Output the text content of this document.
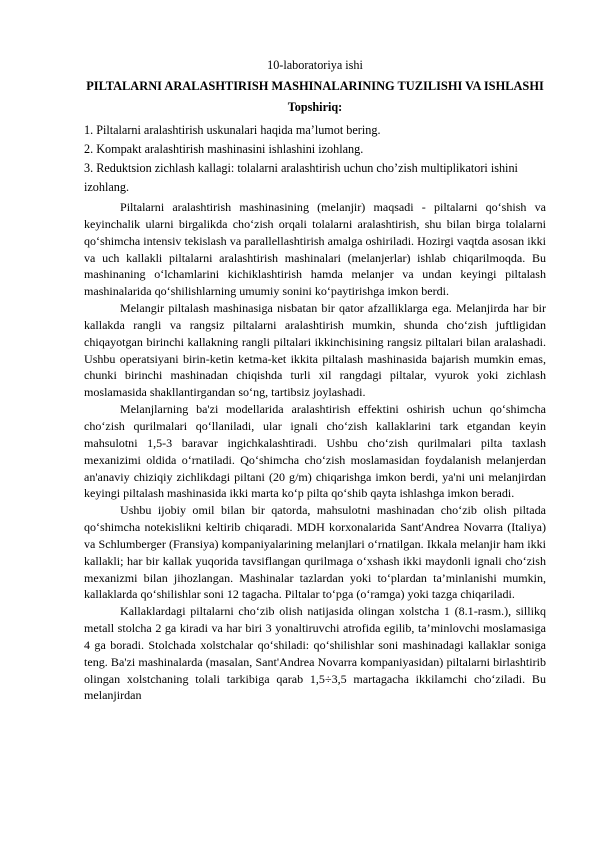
10-laboratoriya ishi
PILTALARNI ARALASHTIRISH MASHINALARINING TUZILISHI VA ISHLASHI
Topshiriq:
1. Piltalarni aralashtirish uskunalari haqida ma’lumot bering.
2. Kompakt aralashtirish mashinasini ishlashini izohlang.
3. Reduktsion zichlash kallagi: tolalarni aralashtirish uchun cho’zish multiplikatori ishini izohlang.

Piltalarni aralashtirish mashinasining (melanjir) maqsadi - piltalarni qo‘shish va keyinchalik ularni birgalikda cho‘zish orqali tolalarni aralashtirish, shu bilan birga tolalarni qo‘shimcha intensiv tekislash va parallellashtirish amalga oshiriladi. Hozirgi vaqtda asosan ikki va uch kallakli piltalarni aralashtirish mashinalari (melanjerlar) ishlab chiqarilmoqda. Bu mashinaning o‘lchamlarini kichiklashtirish hamda melanjer va undan keyingi piltalash mashinalarida qo‘shilishlarning umumiy sonini ko‘paytirishga imkon berdi.

Melangir piltalash mashinasiga nisbatan bir qator afzalliklarga ega. Melanjirda har bir kallakda rangli va rangsiz piltalarni aralashtirish mumkin, shunda cho‘zish juftligidan chiqayotgan birinchi kallakning rangli piltalari ikkinchisining rangsiz piltalari bilan aralashadi. Ushbu operatsiyani birin-ketin ketma-ket ikkita piltalash mashinasida bajarish mumkin emas, chunki birinchi mashinadan chiqishda turli xil rangdagi piltalar, vyurok yoki zichlash moslamasida shakllantirgandan so‘ng, tartibsiz joylashadi.

Melanjlarning ba'zi modellarida aralashtirish effektini oshirish uchun qo‘shimcha cho‘zish qurilmalari qo‘llaniladi, ular ignali cho‘zish kallaklarini tark etgandan keyin mahsulotni 1,5-3 baravar ingichkalashtiradi. Ushbu cho‘zish qurilmalari pilta taxlash mexanizimi oldida o‘rnatiladi. Qo‘shimcha cho‘zish moslamasidan foydalanish melanjerdan an'anaviy chiziqiy zichlikdagi piltani (20 g/m) chiqarishga imkon berdi, ya'ni uni melanjirdan keyingi piltalash mashinasida ikki marta ko‘p pilta qo‘shib qayta ishlashga imkon beradi.

Ushbu ijobiy omil bilan bir qatorda, mahsulotni mashinadan cho‘zib olish piltada qo‘shimcha notekislikni keltirib chiqaradi. MDH korxonalarida Sant'Andrea Novarra (Italiya) va Schlumberger (Fransiya) kompaniyalarining melanjlari o‘rnatilgan. Ikkala melanjir ham ikki kallakli; har bir kallak yuqorida tavsiflangan qurilmaga o‘xshash ikki maydonli ignali cho‘zish mexanizmi bilan jihozlangan. Mashinalar tazlardan yoki to‘plardan ta’minlanishi mumkin, kallaklarda qo‘shilishlar soni 12 tagacha. Piltalar to‘pga (o‘ramga) yoki tazga chiqariladi.

Kallaklardagi piltalarni cho‘zib olish natijasida olingan xolstcha 1 (8.1-rasm.), sillikq metall stolcha 2 ga kiradi va har biri 3 yonaltiruvchi atrofida egilib, ta’minlovchi moslamasiga 4 ga boradi. Stolchada xolstchalar qo‘shiladi: qo‘shilishlar soni mashinadagi kallaklar soniga teng. Ba'zi mashinalarda (masalan, Sant'Andrea Novarra kompaniyasidan) piltalarni birlashtirib olingan xolstchaning tolali tarkibiga qarab 1,5÷3,5 martagacha ikkilamchi cho‘ziladi. Bu melanjirdan
